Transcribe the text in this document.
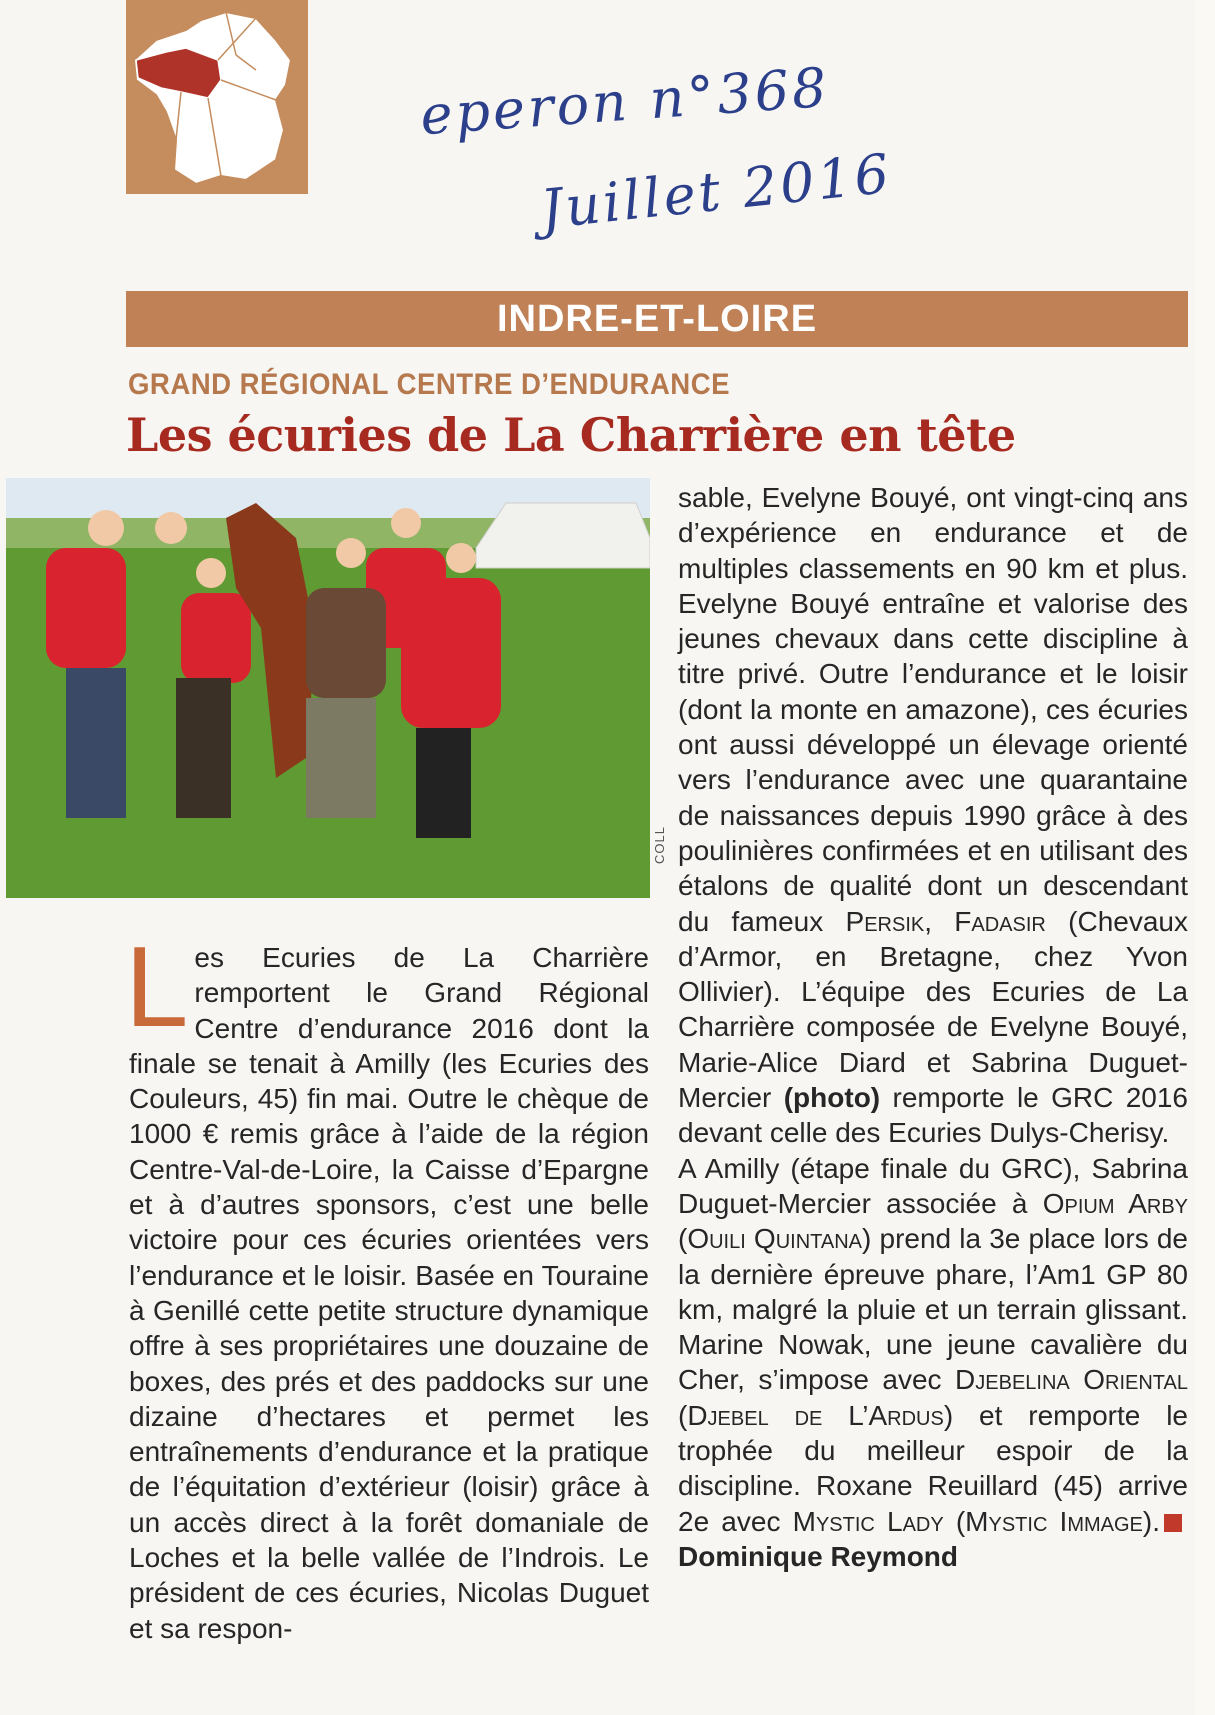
eperon n°368
Juillet 2016
INDRE-ET-LOIRE
GRAND RÉGIONAL CENTRE D’ENDURANCE
Les écuries de La Charrière en tête
COLL

Les Ecuries de La Charrière remportent le Grand Régional Centre d’endurance 2016 dont la finale se tenait à Amilly (les Ecuries des Couleurs, 45) fin mai. Outre le chèque de 1000 € remis grâce à l’aide de la région Centre-Val-de-Loire, la Caisse d’Epargne et à d’autres sponsors, c’est une belle victoire pour ces écuries orientées vers l’endurance et le loisir. Basée en Touraine à Genillé cette petite structure dynamique offre à ses propriétaires une douzaine de boxes, des prés et des paddocks sur une dizaine d’hectares et permet les entraînements d’endurance et la pratique de l’équitation d’extérieur (loisir) grâce à un accès direct à la forêt domaniale de Loches et la belle vallée de l’Indrois. Le président de ces écuries, Nicolas Duguet et sa respon-

sable, Evelyne Bouyé, ont vingt-cinq ans d’expérience en endurance et de multiples classements en 90 km et plus. Evelyne Bouyé entraîne et valorise des jeunes chevaux dans cette discipline à titre privé. Outre l’endurance et le loisir (dont la monte en amazone), ces écuries ont aussi développé un élevage orienté vers l’endurance avec une quarantaine de naissances depuis 1990 grâce à des poulinières confirmées et en utilisant des étalons de qualité dont un descendant du fameux Persik, Fadasir (Chevaux d’Armor, en Bretagne, chez Yvon Ollivier). L’équipe des Ecuries de La Charrière composée de Evelyne Bouyé, Marie-Alice Diard et Sabrina Duguet-Mercier (photo) remporte le GRC 2016 devant celle des Ecuries Dulys-Cherisy.

A Amilly (étape finale du GRC), Sabrina Duguet-Mercier associée à Opium Arby (Ouili Quintana) prend la 3e place lors de la dernière épreuve phare, l’Am1 GP 80 km, malgré la pluie et un terrain glissant. Marine Nowak, une jeune cavalière du Cher, s’impose avec Djebelina Oriental (Djebel de L’Ardus) et remporte le trophée du meilleur espoir de la discipline. Roxane Reuillard (45) arrive 2e avec Mystic Lady (Mystic Immage).Dominique Reymond
